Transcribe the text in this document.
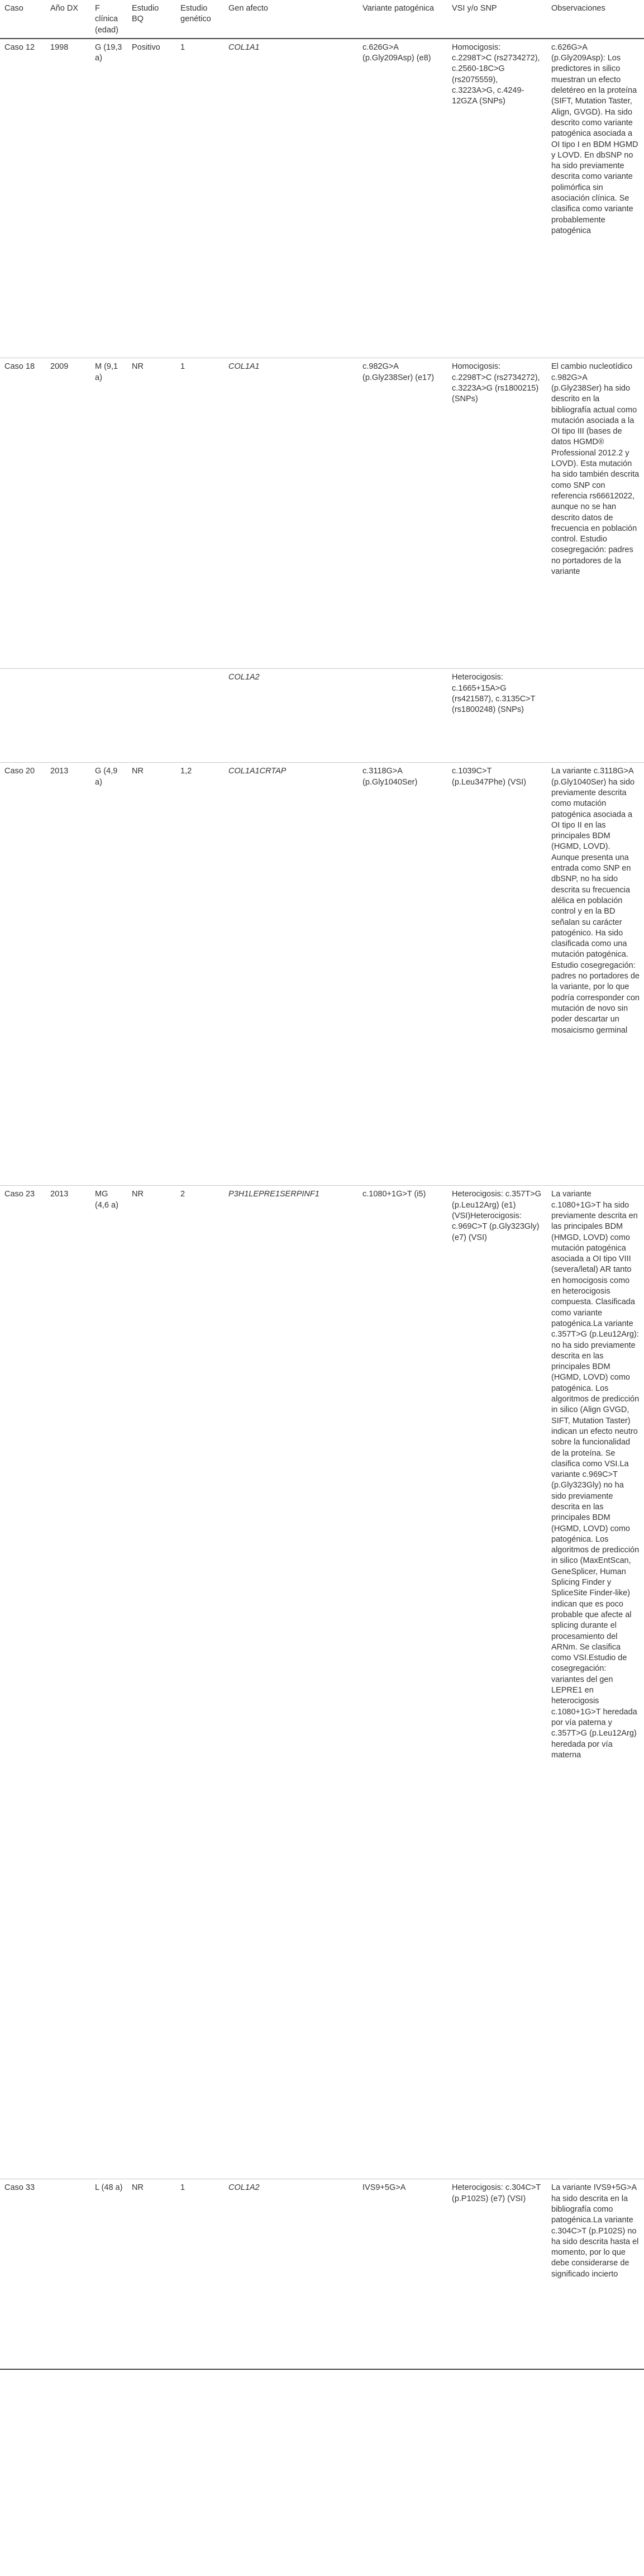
Caso	Año DX	F clínica (edad)	Estudio BQ	Estudio genético	Gen afecto	Variante patogénica	VSI y/o SNP	Observaciones
Caso 12	1998	G (19,3 a)	Positivo	1	COL1A1	c.626G>A (p.Gly209Asp) (e8)	Homocigosis: c.2298T>C (rs2734272), c.2560-18C>G (rs2075559), c.3223A>G, c.4249-12GZA (SNPs)	c.626G>A (p.Gly209Asp): Los predictores in silico muestran un efecto deletéreo en la proteína (SIFT, Mutation Taster, Align, GVGD). Ha sido descrito como variante patogénica asociada a OI tipo I en BDM HGMD y LOVD. En dbSNP no ha sido previamente descrita como variante polimórfica sin asociación clínica. Se clasifica como variante probablemente patogénica
Caso 18	2009	M (9,1 a)	NR	1	COL1A1	c.982G>A (p.Gly238Ser) (e17)	Homocigosis: c.2298T>C (rs2734272), c.3223A>G (rs1800215) (SNPs)	El cambio nucleotídico c.982G>A (p.Gly238Ser) ha sido descrito en la bibliografía actual como mutación asociada a la OI tipo III (bases de datos HGMD® Professional 2012.2 y LOVD). Esta mutación ha sido también descrita como SNP con referencia rs66612022, aunque no se han descrito datos de frecuencia en población control. Estudio cosegregación: padres no portadores de la variante
					COL1A2		Heterocigosis: c.1665+15A>G (rs421587), c.3135C>T (rs1800248) (SNPs)	
Caso 20	2013	G (4,9 a)	NR	1,2	COL1A1CRTAP	c.3118G>A (p.Gly1040Ser)	c.1039C>T (p.Leu347Phe) (VSI)	La variante c.3118G>A (p.Gly1040Ser) ha sido previamente descrita como mutación patogénica asociada a OI tipo II en las principales BDM (HGMD, LOVD). Aunque presenta una entrada como SNP en dbSNP, no ha sido descrita su frecuencia alélica en población control y en la BD señalan su carácter patogénico. Ha sido clasificada como una mutación patogénica. Estudio cosegregación: padres no portadores de la variante, por lo que podría corresponder con mutación de novo sin poder descartar un mosaicismo germinal
Caso 23	2013	MG (4,6 a)	NR	2	P3H1LEPRE1SERPINF1	c.1080+1G>T (i5)	Heterocigosis: c.357T>G (p.Leu12Arg) (e1) (VSI)Heterocigosis: c.969C>T (p.Gly323Gly) (e7) (VSI)	La variante c.1080+1G>T ha sido previamente descrita en las principales BDM (HMGD, LOVD) como mutación patogénica asociada a OI tipo VIII (severa/letal) AR tanto en homocigosis como en heterocigosis compuesta. Clasificada como variante patogénica.La variante c.357T>G (p.Leu12Arg): no ha sido previamente descrita en las principales BDM (HGMD, LOVD) como patogénica. Los algoritmos de predicción in silico (Align GVGD, SIFT, Mutation Taster) indican un efecto neutro sobre la funcionalidad de la proteína. Se clasifica como VSI.La variante c.969C>T (p.Gly323Gly) no ha sido previamente descrita en las principales BDM (HGMD, LOVD) como patogénica. Los algoritmos de predicción in silico (MaxEntScan, GeneSplicer, Human Splicing Finder y SpliceSite Finder-like) indican que es poco probable que afecte al splicing durante el procesamiento del ARNm. Se clasifica como VSI.Estudio de cosegregación: variantes del gen LEPRE1 en heterocigosis c.1080+1G>T heredada por vía paterna y c.357T>G (p.Leu12Arg) heredada por vía materna
Caso 33		L (48 a)	NR	1	COL1A2	IVS9+5G>A	Heterocigosis: c.304C>T (p.P102S) (e7) (VSI)	La variante IVS9+5G>A ha sido descrita en la bibliografía como patogénica.La variante c.304C>T (p.P102S) no ha sido descrita hasta el momento, por lo que debe considerarse de significado incierto
